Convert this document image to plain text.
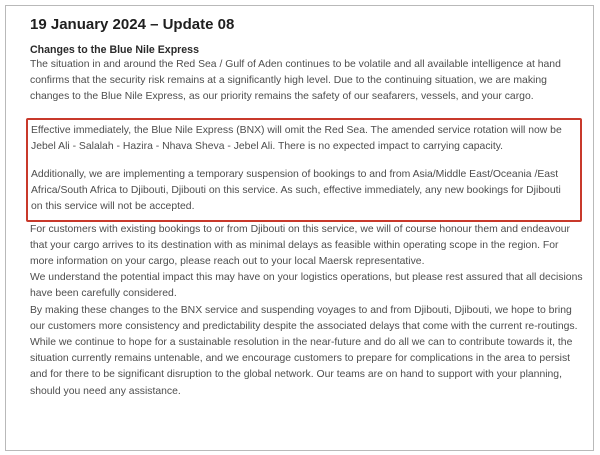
19 January 2024 – Update 08
Changes to the Blue Nile Express

The situation in and around the Red Sea / Gulf of Aden continues to be volatile and all available intelligence at hand confirms that the security risk remains at a significantly high level. Due to the continuing situation, we are making changes to the Blue Nile Express, as our priority remains the safety of our seafarers, vessels, and your cargo.

Effective immediately, the Blue Nile Express (BNX) will omit the Red Sea. The amended service rotation will now be Jebel Ali - Salalah - Hazira - Nhava Sheva - Jebel Ali. There is no expected impact to carrying capacity.

Additionally, we are implementing a temporary suspension of bookings to and from Asia/Middle East/Oceania /East Africa/South Africa to Djibouti, Djibouti on this service. As such, effective immediately, any new bookings for Djibouti on this service will not be accepted.

For customers with existing bookings to or from Djibouti on this service, we will of course honour them and endeavour that your cargo arrives to its destination with as minimal delays as feasible within operating scope in the region. For more information on your cargo, please reach out to your local Maersk representative.

We understand the potential impact this may have on your logistics operations, but please rest assured that all decisions have been carefully considered.

By making these changes to the BNX service and suspending voyages to and from Djibouti, Djibouti, we hope to bring our customers more consistency and predictability despite the associated delays that come with the current re-routings.

While we continue to hope for a sustainable resolution in the near-future and do all we can to contribute towards it, the situation currently remains untenable, and we encourage customers to prepare for complications in the area to persist and for there to be significant disruption to the global network. Our teams are on hand to support with your planning, should you need any assistance.
